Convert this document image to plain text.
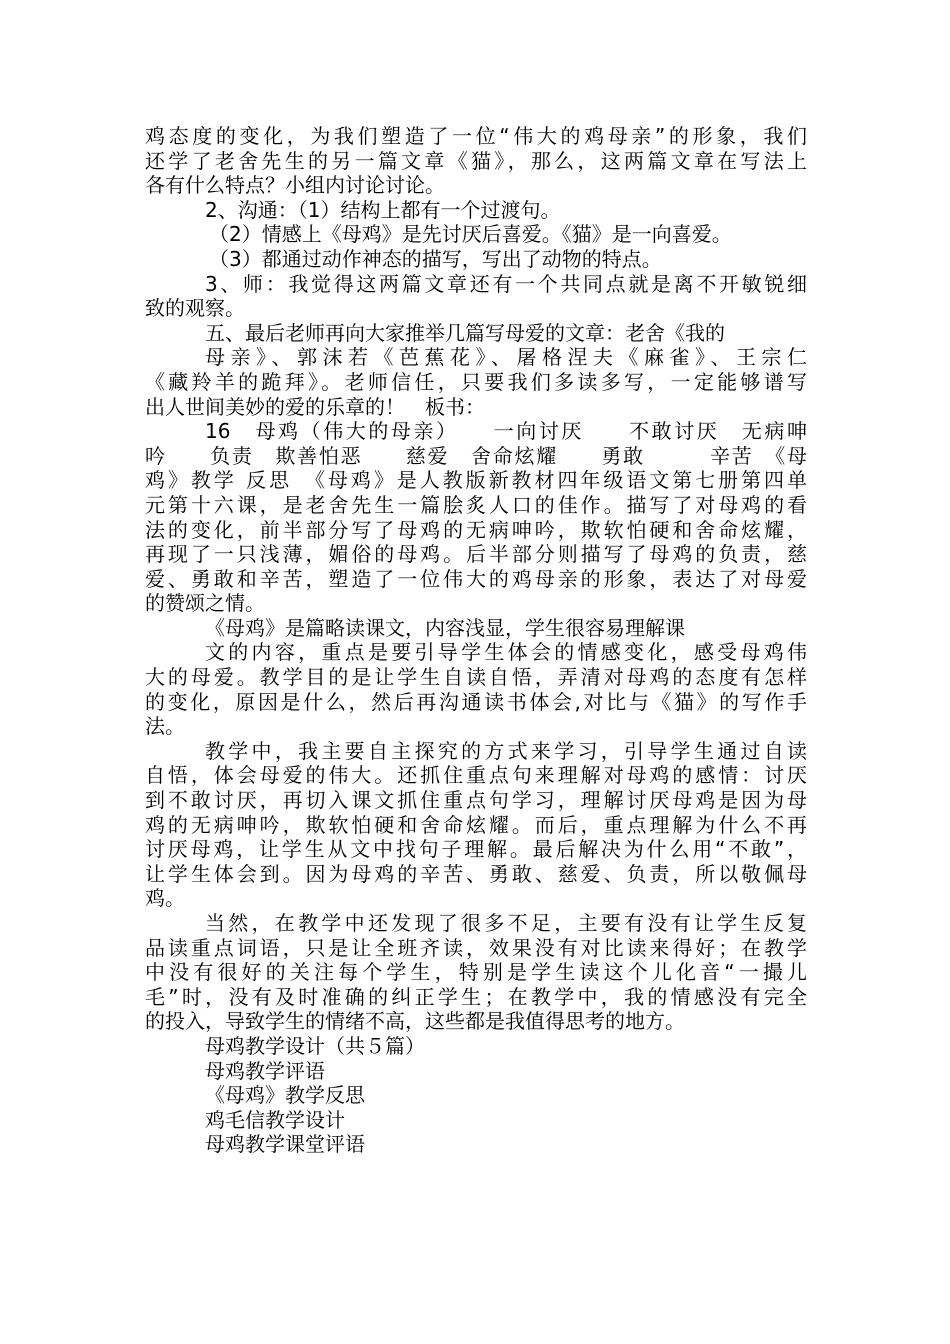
鸡态度的变化，为我们塑造了一位“伟大的鸡母亲”的形象，我们

还学了老舍先生的另一篇文章《猫》，那么，这两篇文章在写法上

各有什么特点？小组内讨论讨论。

2、沟通：（1）结构上都有一个过渡句。

（2）情感上《母鸡》是先讨厌后喜爱。《猫》是一向喜爱。

（3）都通过动作神态的描写，写出了动物的特点。

3、师：我觉得这两篇文章还有一个共同点就是离不开敏锐细

致的观察。

五、最后老师再向大家推举几篇写母爱的文章：老舍《我的

母亲》、郭沫若《芭蕉花》、屠格涅夫《麻雀》、王宗仁

《藏羚羊的跪拜》。老师信任，只要我们多读多写，一定能够谱写

出人世间美妙的爱的乐章的！　板书：

16　母鸡（伟大的母亲）　　一向讨厌　　不敢讨厌　无病呻

吟　　负责　欺善怕恶　　慈爱　舍命炫耀　　勇敢　　　辛苦　《母

鸡》教学 反思　《母鸡》是人教版新教材四年级语文第七册第四单

元第十六课，是老舍先生一篇脍炙人口的佳作。描写了对母鸡的看

法的变化，前半部分写了母鸡的无病呻吟，欺软怕硬和舍命炫耀，

再现了一只浅薄，媚俗的母鸡。后半部分则描写了母鸡的负责，慈

爱、勇敢和辛苦，塑造了一位伟大的鸡母亲的形象，表达了对母爱

的赞颂之情。

《母鸡》是篇略读课文，内容浅显，学生很容易理解课

文的内容，重点是要引导学生体会的情感变化，感受母鸡伟

大的母爱。教学目的是让学生自读自悟，弄清对母鸡的态度有怎样

的变化，原因是什么，然后再沟通读书体会,对比与《猫》的写作手

法。

教学中，我主要自主探究的方式来学习，引导学生通过自读

自悟，体会母爱的伟大。还抓住重点句来理解对母鸡的感情：讨厌

到不敢讨厌，再切入课文抓住重点句学习，理解讨厌母鸡是因为母

鸡的无病呻吟，欺软怕硬和舍命炫耀。而后，重点理解为什么不再

讨厌母鸡，让学生从文中找句子理解。最后解决为什么用“不敢”，

让学生体会到。因为母鸡的辛苦、勇敢、慈爱、负责，所以敬佩母

鸡。

当然，在教学中还发现了很多不足，主要有没有让学生反复

品读重点词语，只是让全班齐读，效果没有对比读来得好；在教学

中没有很好的关注每个学生，特别是学生读这个儿化音“一撮儿

毛”时，没有及时准确的纠正学生；在教学中，我的情感没有完全

的投入，导致学生的情绪不高，这些都是我值得思考的地方。

母鸡教学设计（共５篇）

母鸡教学评语

《母鸡》教学反思

鸡毛信教学设计

母鸡教学课堂评语
